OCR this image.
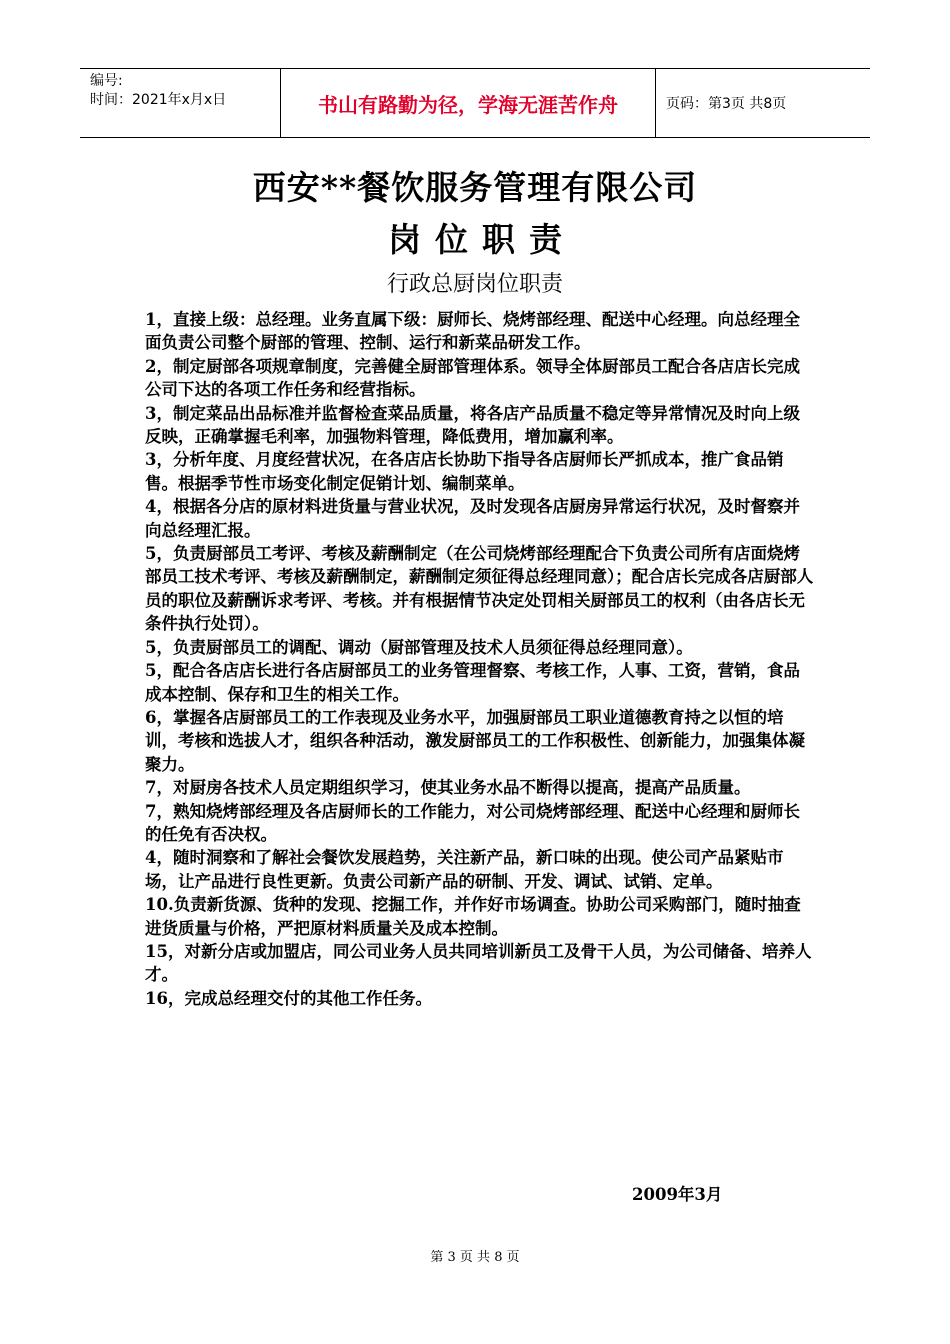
编号:
时间：2021年x月x日	书山有路勤为径，学海无涯苦作舟	页码：第3页 共8页
西安**餐饮服务管理有限公司
岗位职责
行政总厨岗位职责

1，直接上级：总经理。业务直属下级：厨师长、烧烤部经理、配送中心经理。向总经理全面负责公司整个厨部的管理、控制、运行和新菜品研发工作。

2，制定厨部各项规章制度，完善健全厨部管理体系。领导全体厨部员工配合各店店长完成公司下达的各项工作任务和经营指标。

3，制定菜品出品标准并监督检查菜品质量，将各店产品质量不稳定等异常情况及时向上级反映，正确掌握毛利率，加强物料管理，降低费用，增加赢利率。

3，分析年度、月度经营状况，在各店店长协助下指导各店厨师长严抓成本，推广食品销售。根据季节性市场变化制定促销计划、编制菜单。

4，根据各分店的原材料进货量与营业状况，及时发现各店厨房异常运行状况，及时督察并向总经理汇报。

5，负责厨部员工考评、考核及薪酬制定（在公司烧烤部经理配合下负责公司所有店面烧烤部员工技术考评、考核及薪酬制定，薪酬制定须征得总经理同意）；配合店长完成各店厨部人员的职位及薪酬诉求考评、考核。并有根据情节决定处罚相关厨部员工的权利（由各店长无条件执行处罚）。

5，负责厨部员工的调配、调动（厨部管理及技术人员须征得总经理同意）。

5，配合各店店长进行各店厨部员工的业务管理督察、考核工作，人事、工资，营销，食品成本控制、保存和卫生的相关工作。

6，掌握各店厨部员工的工作表现及业务水平，加强厨部员工职业道德教育持之以恒的培训，考核和选拔人才，组织各种活动，激发厨部员工的工作积极性、创新能力，加强集体凝聚力。

7，对厨房各技术人员定期组织学习，使其业务水品不断得以提高，提高产品质量。

7，熟知烧烤部经理及各店厨师长的工作能力，对公司烧烤部经理、配送中心经理和厨师长的任免有否决权。

4，随时洞察和了解社会餐饮发展趋势，关注新产品，新口味的出现。使公司产品紧贴市场，让产品进行良性更新。负责公司新产品的研制、开发、调试、试销、定单。

10.负责新货源、货种的发现、挖掘工作，并作好市场调查。协助公司采购部门，随时抽查进货质量与价格，严把原材料质量关及成本控制。

15，对新分店或加盟店，同公司业务人员共同培训新员工及骨干人员，为公司储备、培养人才。

16，完成总经理交付的其他工作任务。

2009年3月
第 3 页 共 8 页
